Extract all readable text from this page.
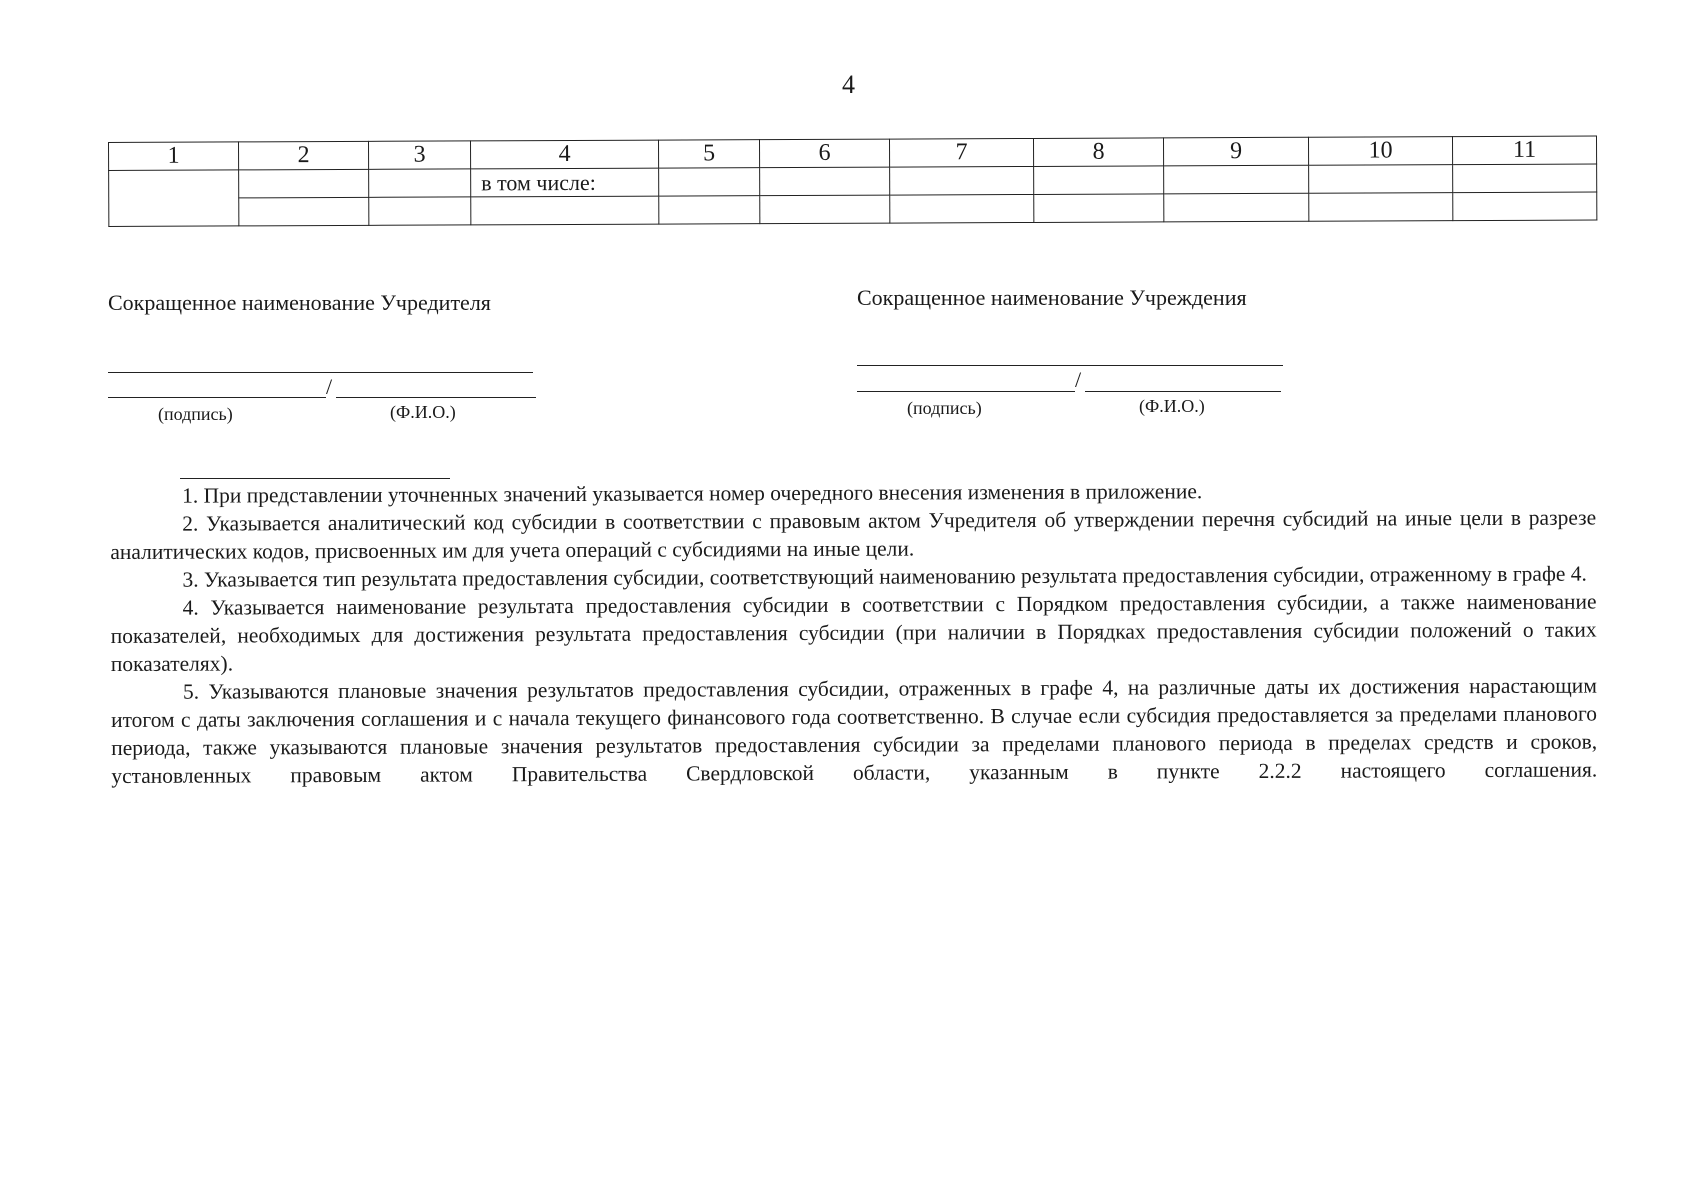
4
1	2	3	4	5	6	7	8	9	10	11
			в том числе:							

Сокращенное наименование Учредителя
/
(подпись)	(Ф.И.О.)
Сокращенное наименование Учреждения
/
(подпись)	(Ф.И.О.)

1. При представлении уточненных значений указывается номер очередного внесения изменения в приложение.

2. Указывается аналитический код субсидии в соответствии с правовым актом Учредителя об утверждении перечня субсидий на иные цели в разрезе аналитических кодов, присвоенных им для учета операций с субсидиями на иные цели.

3. Указывается тип результата предоставления субсидии, соответствующий наименованию результата предоставления субсидии, отраженному в графе 4.

4. Указывается наименование результата предоставления субсидии в соответствии с Порядком предоставления субсидии, а также наименование показателей, необходимых для достижения результата предоставления субсидии (при наличии в Порядках предоставления субсидии положений о таких показателях).

5. Указываются плановые значения результатов предоставления субсидии, отраженных в графе 4, на различные даты их достижения нарастающим итогом с даты заключения соглашения и с начала текущего финансового года соответственно. В случае если субсидия предоставляется за пределами планового периода, также указываются плановые значения результатов предоставления субсидии за пределами планового периода в пределах средств и сроков, установленных правовым актом Правительства Свердловской области, указанным в пункте 2.2.2 настоящего соглашения.
